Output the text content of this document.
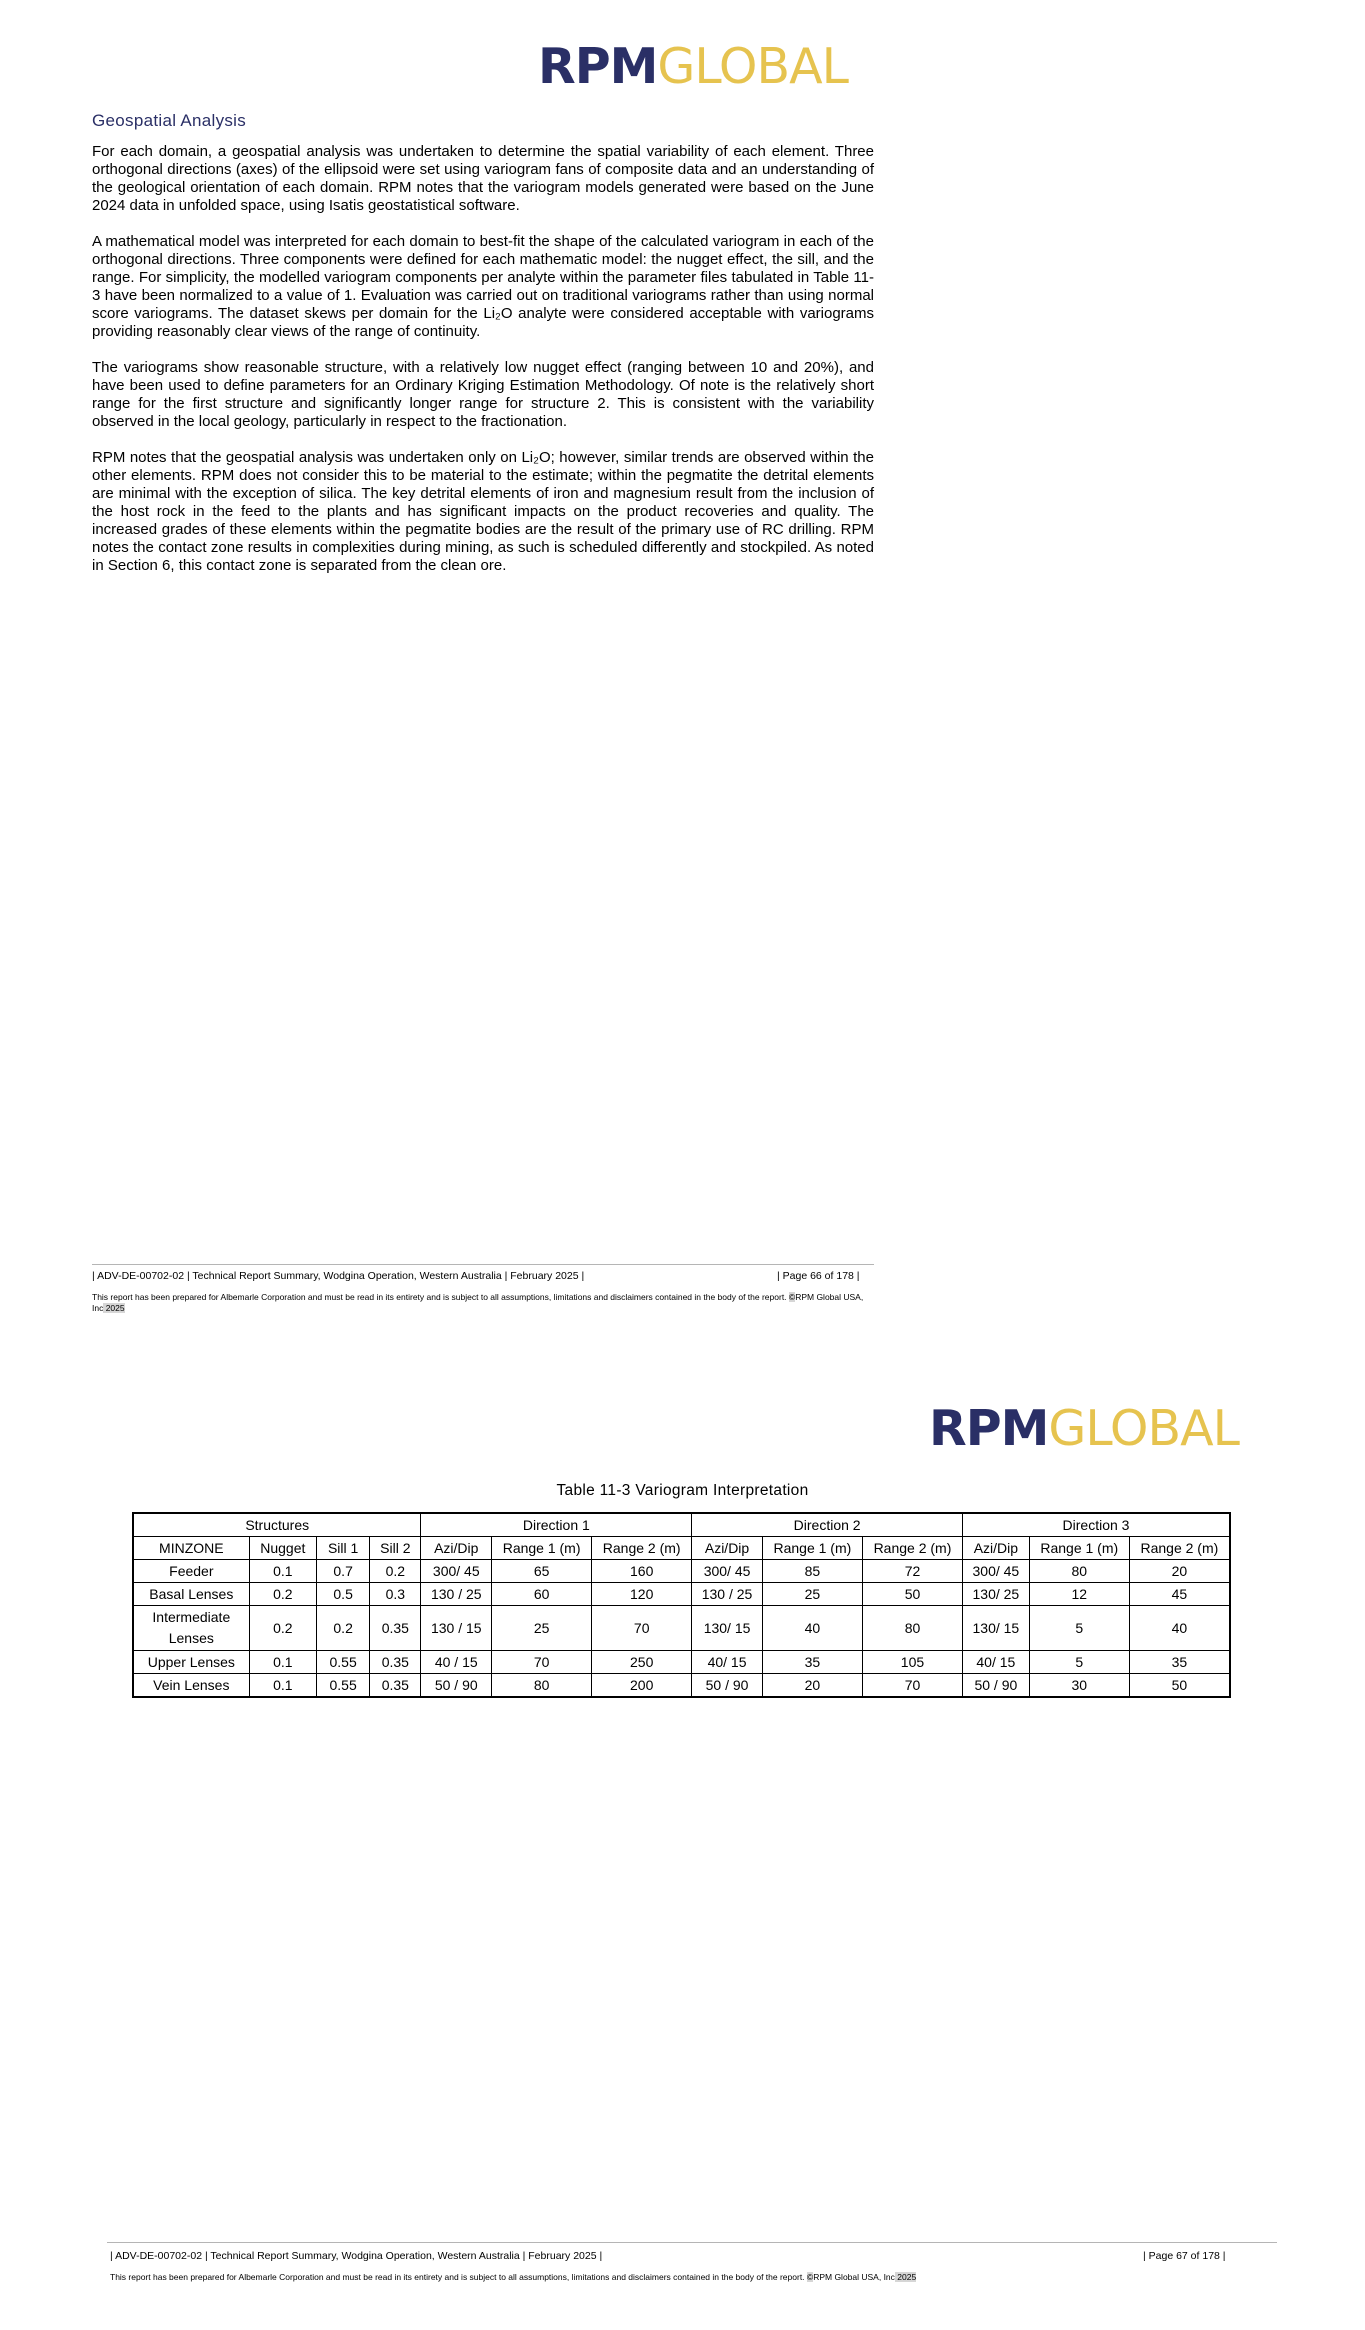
RPMGLOBAL
Geospatial Analysis

For each domain, a geospatial analysis was undertaken to determine the spatial variability of each element. Three orthogonal directions (axes) of the ellipsoid were set using variogram fans of composite data and an understanding of the geological orientation of each domain. RPM notes that the variogram models generated were based on the June 2024 data in unfolded space, using Isatis geostatistical software.

A mathematical model was interpreted for each domain to best-fit the shape of the calculated variogram in each of the orthogonal directions. Three components were defined for each mathematic model: the nugget effect, the sill, and the range. For simplicity, the modelled variogram components per analyte within the parameter files tabulated in Table 11-3 have been normalized to a value of 1. Evaluation was carried out on traditional variograms rather than using normal score variograms. The dataset skews per domain for the Li₂O analyte were considered acceptable with variograms providing reasonably clear views of the range of continuity.

The variograms show reasonable structure, with a relatively low nugget effect (ranging between 10 and 20%), and have been used to define parameters for an Ordinary Kriging Estimation Methodology. Of note is the relatively short range for the first structure and significantly longer range for structure 2. This is consistent with the variability observed in the local geology, particularly in respect to the fractionation.

RPM notes that the geospatial analysis was undertaken only on Li₂O; however, similar trends are observed within the other elements. RPM does not consider this to be material to the estimate; within the pegmatite the detrital elements are minimal with the exception of silica. The key detrital elements of iron and magnesium result from the inclusion of the host rock in the feed to the plants and has significant impacts on the product recoveries and quality. The increased grades of these elements within the pegmatite bodies are the result of the primary use of RC drilling. RPM notes the contact zone results in complexities during mining, as such is scheduled differently and stockpiled. As noted in Section 6, this contact zone is separated from the clean ore.

| ADV-DE-00702-02 | Technical Report Summary, Wodgina Operation, Western Australia | February 2025 |	| Page 66 of 178 |
This report has been prepared for Albemarle Corporation and must be read in its entirety and is subject to all assumptions, limitations and disclaimers contained in the body of the report. ©RPM Global USA, Inc 2025
RPMGLOBAL
Table 11-3 Variogram Interpretation
Structures				Direction 1			Direction 2			Direction 3		
MINZONE	Nugget	Sill 1	Sill 2	Azi/Dip	Range 1 (m)	Range 2 (m)	Azi/Dip	Range 1 (m)	Range 2 (m)	Azi/Dip	Range 1 (m)	Range 2 (m)
Feeder	0.1	0.7	0.2	300/ 45	65	160	300/ 45	85	72	300/ 45	80	20
Basal Lenses	0.2	0.5	0.3	130 / 25	60	120	130 / 25	25	50	130/ 25	12	45
Intermediate Lenses	0.2	0.2	0.35	130 / 15	25	70	130/ 15	40	80	130/ 15	5	40
Upper Lenses	0.1	0.55	0.35	40 / 15	70	250	40/ 15	35	105	40/ 15	5	35
Vein Lenses	0.1	0.55	0.35	50 / 90	80	200	50 / 90	20	70	50 / 90	30	50
| ADV-DE-00702-02 | Technical Report Summary, Wodgina Operation, Western Australia | February 2025 |	| Page 67 of 178 |
This report has been prepared for Albemarle Corporation and must be read in its entirety and is subject to all assumptions, limitations and disclaimers contained in the body of the report. ©RPM Global USA, Inc 2025
